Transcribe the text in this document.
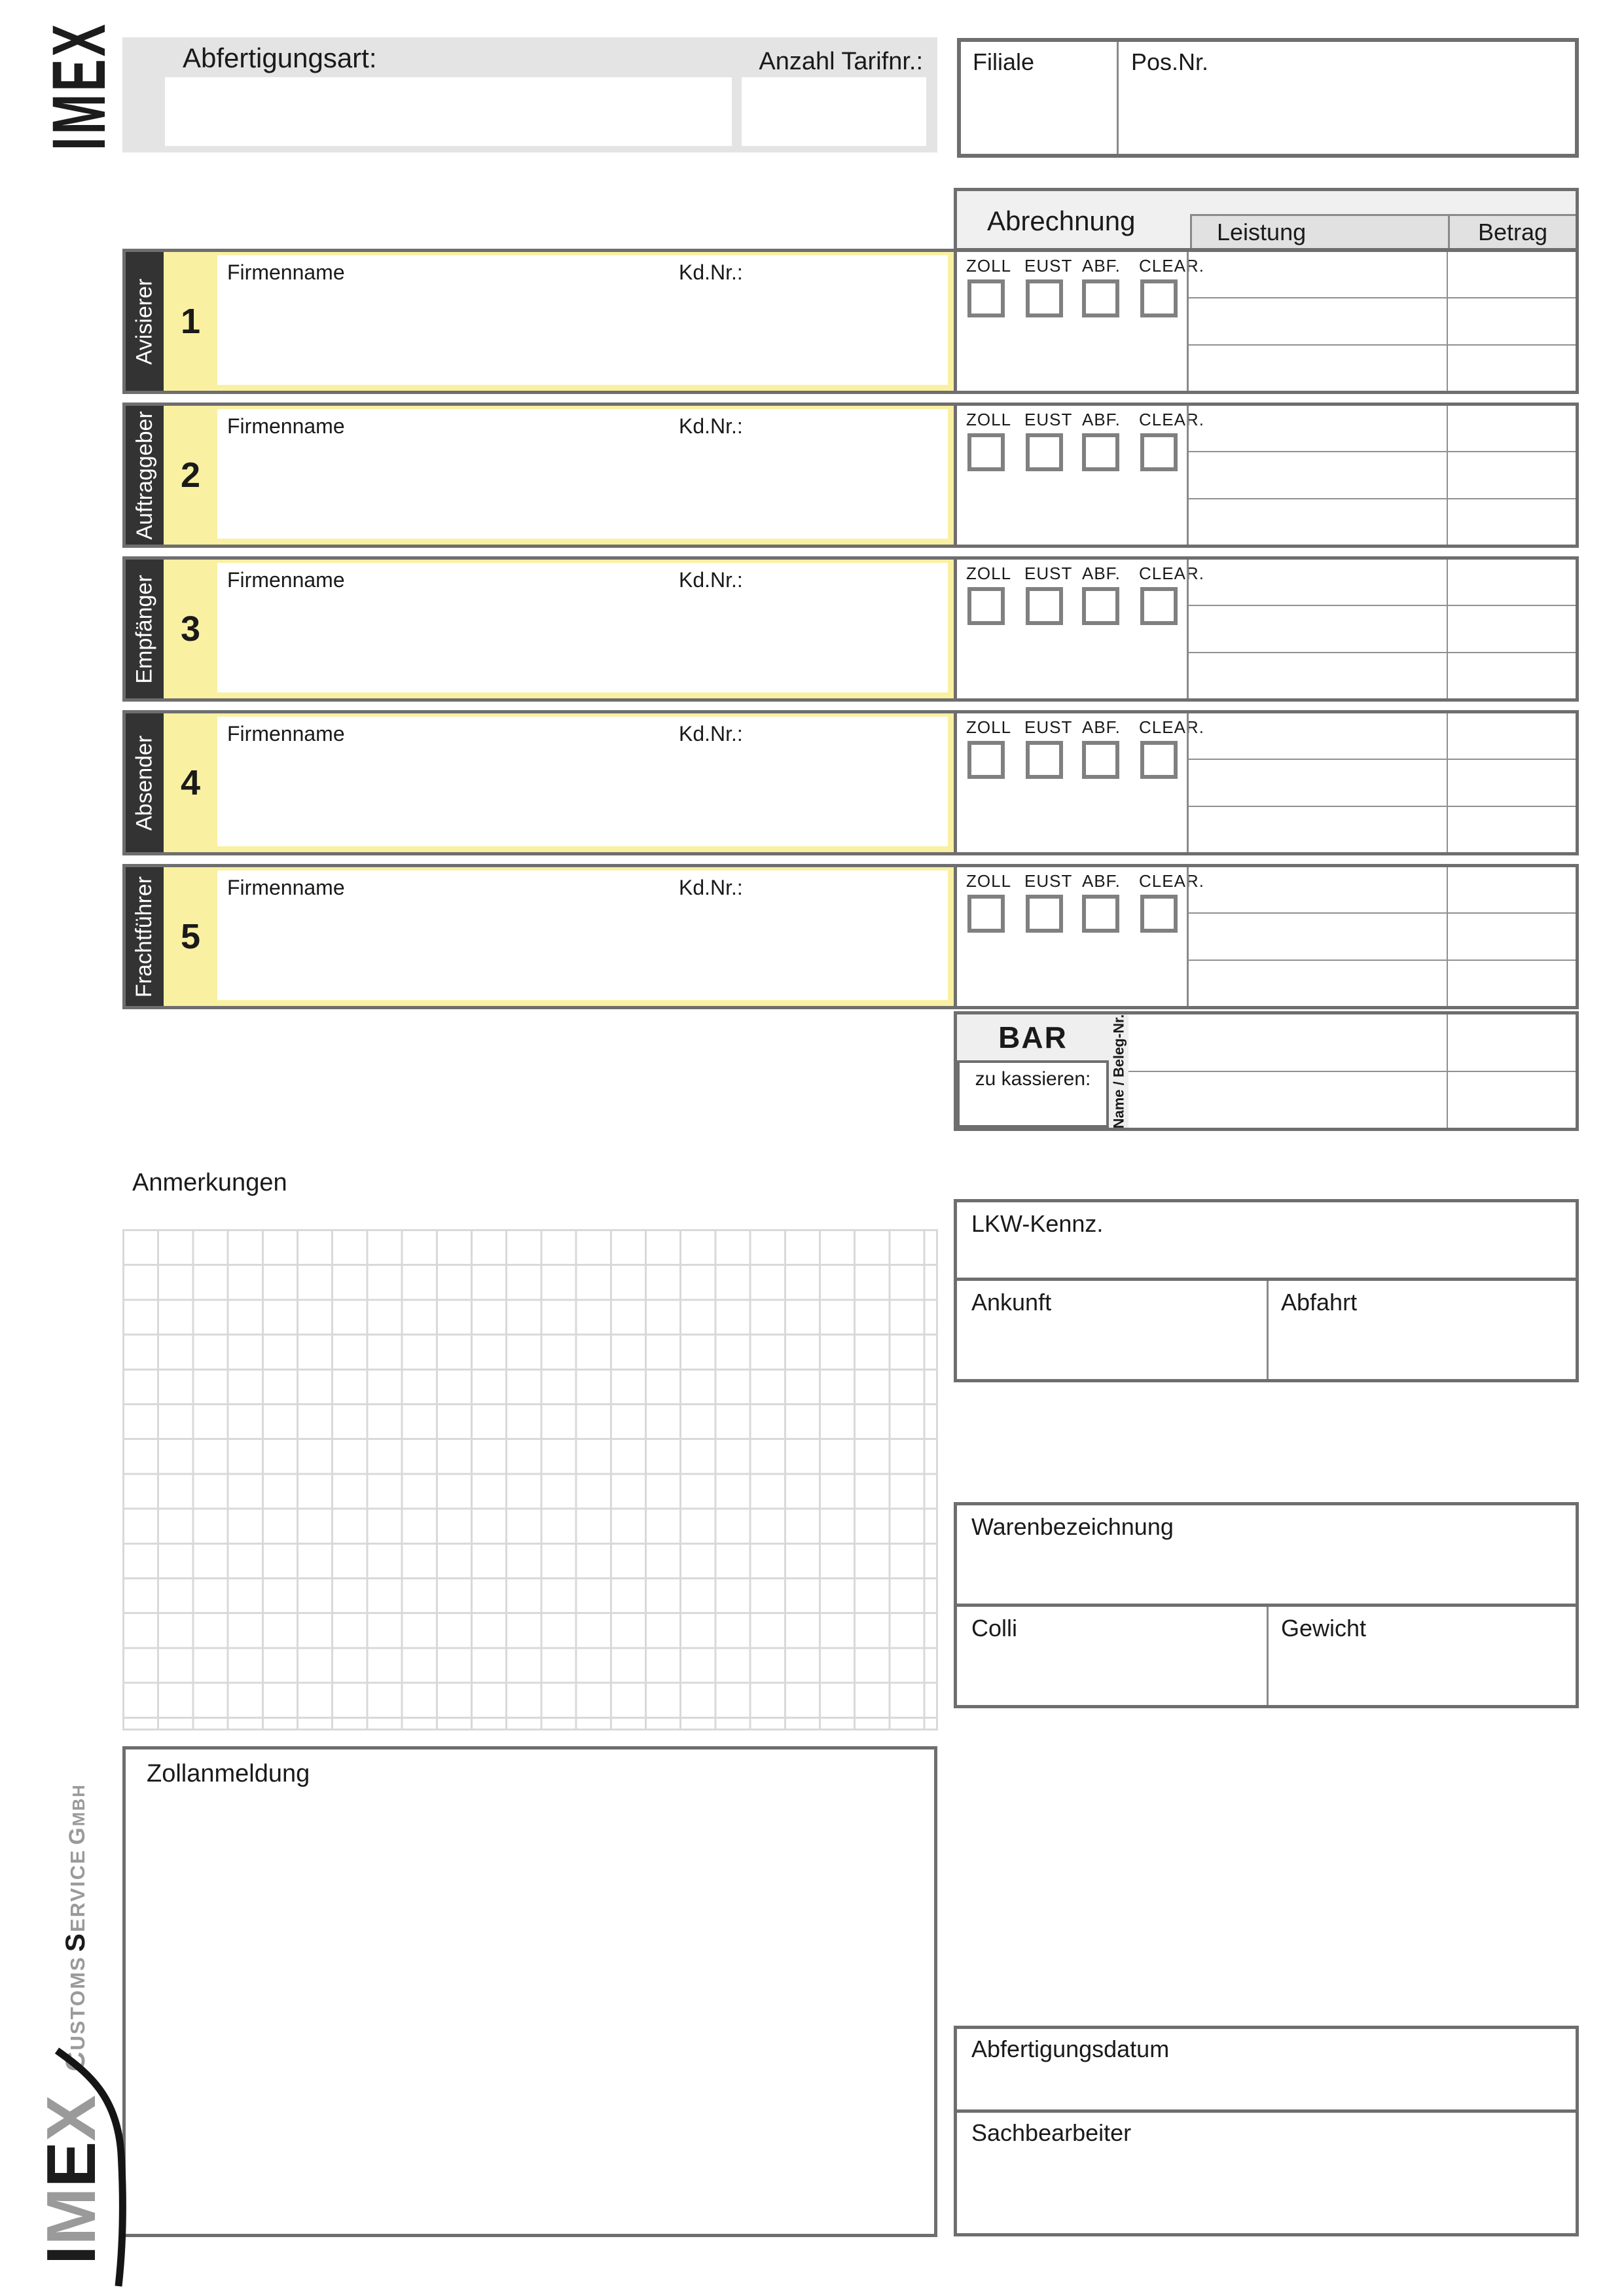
IMEX Abfertigungsart:	Anzahl Tarifnr.: Filiale	Pos.Nr.
Abrechnung	Leistung	Betrag
Avisierer 1
Firmenname	Kd.Nr.:
Auftraggeber 2
Firmenname	Kd.Nr.:
Empfänger 3
Firmenname	Kd.Nr.:
Absender 4
Firmenname	Kd.Nr.:
Frachtführer 5
Firmenname	Kd.Nr.:
ZOLL EUST ABF. CLEAR.
ZOLL EUST ABF. CLEAR.
ZOLL EUST ABF. CLEAR.
ZOLL EUST ABF. CLEAR.
ZOLL EUST ABF. CLEAR.
BAR
zu kassieren:	Name / Beleg-Nr.
Anmerkungen
LKW-Kennz.
Ankunft	Abfahrt
Warenbezeichnung
Colli	Gewicht
Zollanmeldung
Abfertigungsdatum
Sachbearbeiter
CUSTOMS SERVICE GMBH
IMEX
